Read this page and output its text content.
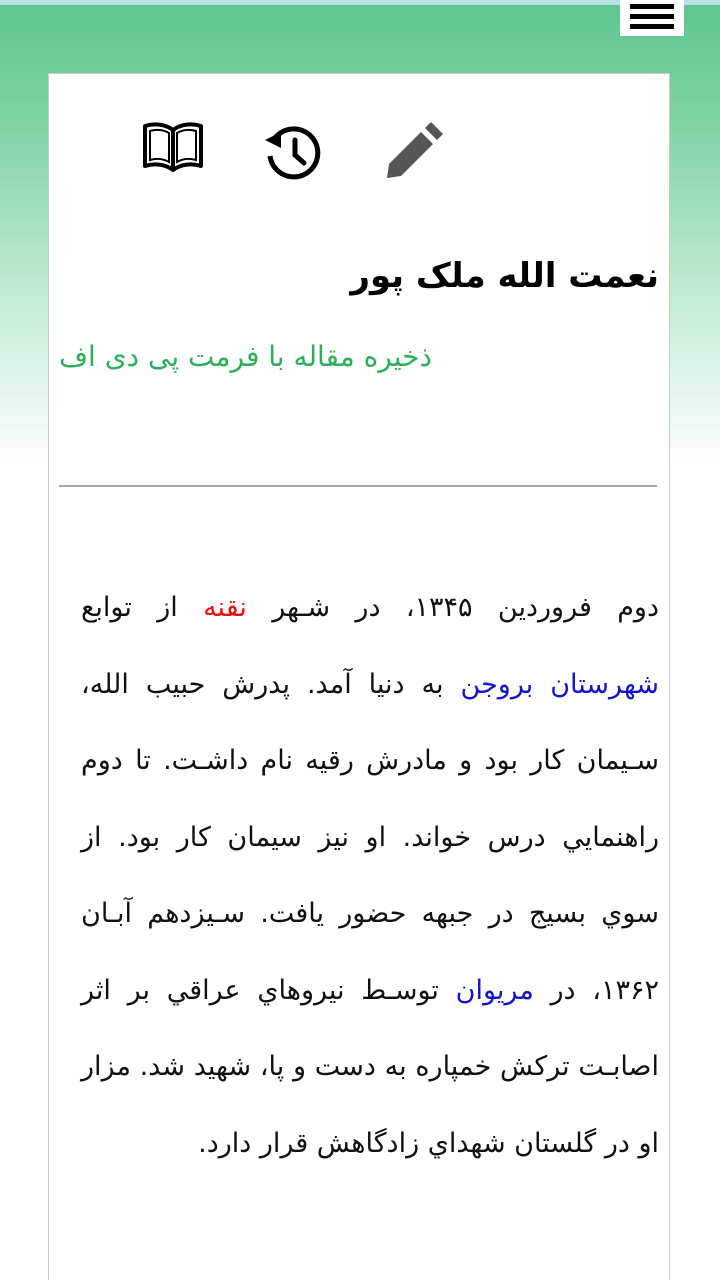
نعمت الله ملک پور
ذخيره مقاله با فرمت پی دی اف

دوم فروردين ۱۳۴۵، در شـهر نقنه از توابع شهرستان بروجن به دنيا آمد. پدرش حبيب الله، سـيمان كار بود و مادرش رقيه نام داشـت. تا دوم راهنمايي درس خواند. او نيز سيمان كار بود. از سوي بسيج در جبهه حضور يافت. سـيزدهم آبـان ۱۳۶۲، در مريوان توسـط نيروهاي عراقي بر اثر اصابـت تركش خمپاره به دست و پا، شهيد شد. مزار او در گلستان شهداي زادگاهش قرار دارد.
